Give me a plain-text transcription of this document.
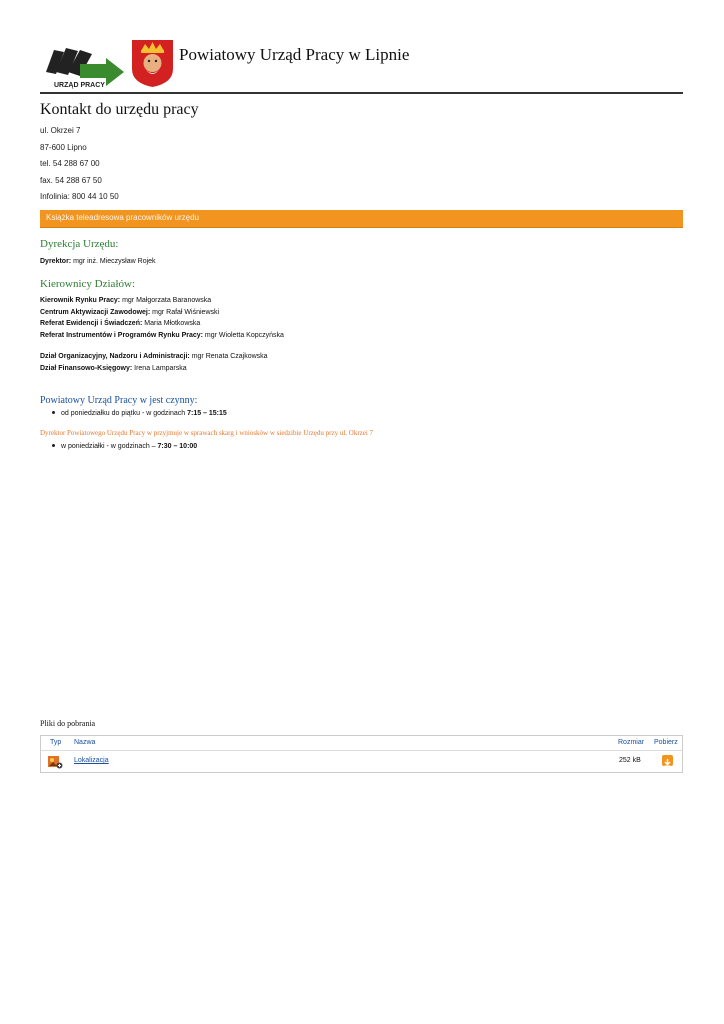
URZĄD PRACY
Powiatowy Urząd Pracy w Lipnie
Kontakt do urzędu pracy
ul. Okrzei 7
87-600 Lipno
tel. 54 288 67 00
fax. 54 288 67 50
Infolinia: 800 44 10 50
Książka teleadresowa pracowników urzędu
Dyrekcja Urzędu:
Dyrektor: mgr inż. Mieczysław Rojek
Kierownicy Działów:
Kierownik Rynku Pracy: mgr Małgorzata Baranowska
Centrum Aktywizacji Zawodowej: mgr Rafał Wiśniewski
Referat Ewidencji i Świadczeń: Maria Młotkowska
Referat Instrumentów i Programów Rynku Pracy: mgr Wioletta Kopczyńska
Dział Organizacyjny, Nadzoru i Administracji: mgr Renata Czajkowska
Dział Finansowo-Księgowy: Irena Lamparska
Powiatowy Urząd Pracy w jest czynny:
od poniedziałku do piątku - w godzinach 7:15 – 15:15
Dyrektor Powiatowego Urzędu Pracy w przyjmuje w sprawach skarg i wniosków w siedzibie Urzędu przy ul. Okrzei 7
w poniedziałki - w godzinach – 7:30 – 10:00
Pliki do pobrania
Typ Nazwa	Rozmiar Pobierz
Lokalizacja	252 kB
